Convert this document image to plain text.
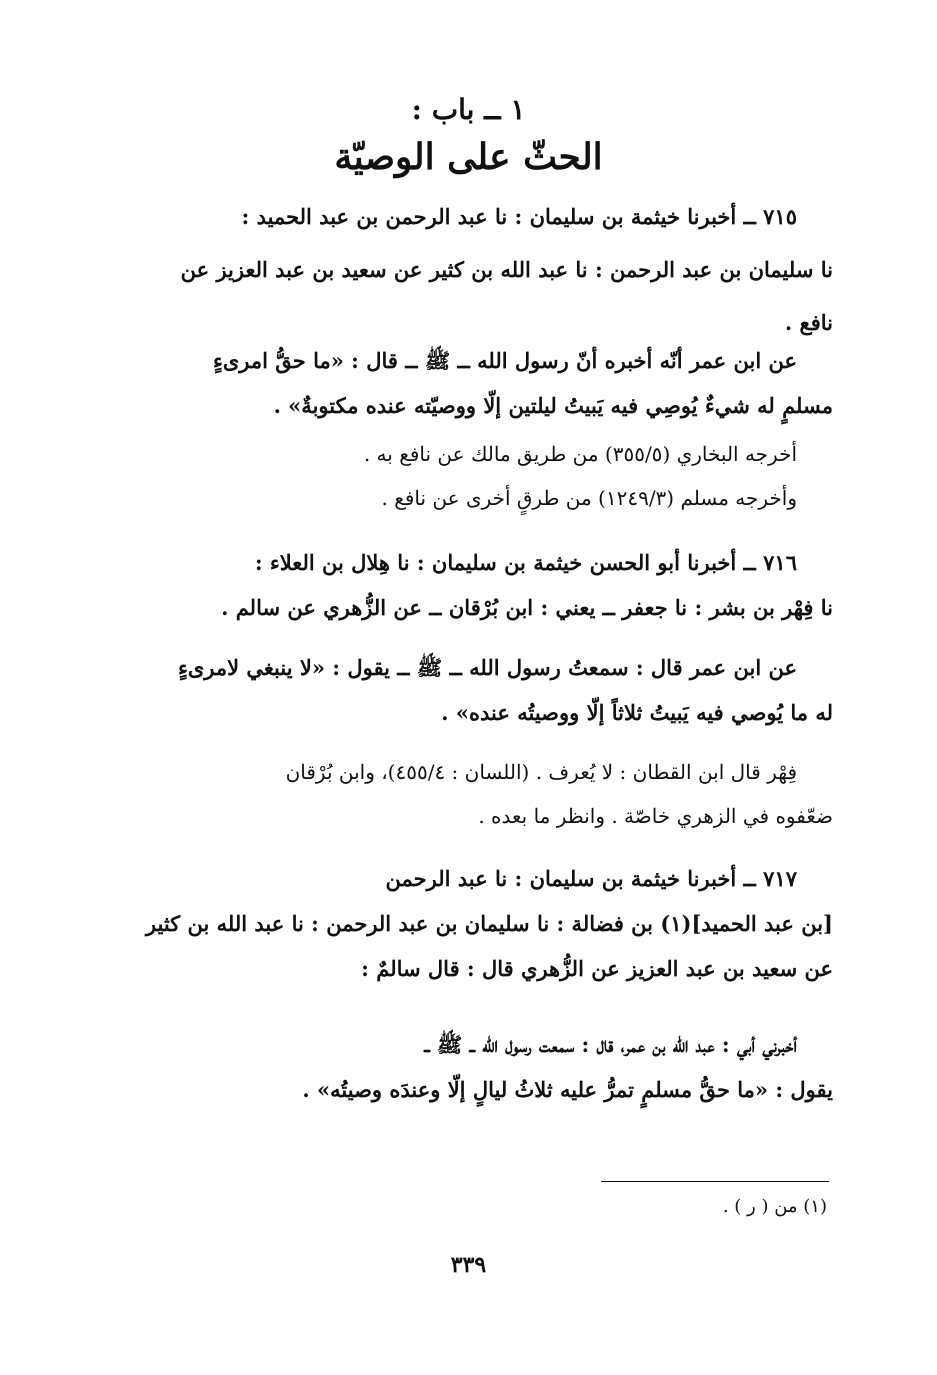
١ ــ باب :
الحثّ على الوصيّة
٧١٥ ــ أخبرنا خيثمة بن سليمان : نا عبد الرحمن بن عبد الحميد :
نا سليمان بن عبد الرحمن : نا عبد الله بن كثير عن سعيد بن عبد العزيز عن
نافع .
عن ابن عمر أنّه أخبره أنّ رسول الله ــ ﷺ ــ قال : «ما حقُّ امرىءٍ
مسلمٍ له شيءٌ يُوصِي فيه يَبيتُ ليلتين إلّا ووصيّته عنده مكتوبةٌ» .
أخرجه البخاري (٣٥٥/٥) من طريق مالك عن نافع به .
وأخرجه مسلم (١٢٤٩/٣) من طرقٍ أخرى عن نافع .
٧١٦ ــ أخبرنا أبو الحسن خيثمة بن سليمان : نا هِلال بن العلاء :
نا فِهْر بن بشر : نا جعفر ــ يعني : ابن بُرْقان ــ عن الزُّهري عن سالم .
عن ابن عمر قال : سمعتُ رسول الله ــ ﷺ ــ يقول : «لا ينبغي لامرىءٍ
له ما يُوصي فيه يَبيتُ ثلاثاً إلّا ووصيتُه عنده» .
فِهْر قال ابن القطان : لا يُعرف . (اللسان : ٤٥٥/٤)، وابن بُرْقان
ضعّفوه في الزهري خاصّة . وانظر ما بعده .
٧١٧ ــ أخبرنا خيثمة بن سليمان : نا عبد الرحمن
[بن عبد الحميد](١) بن فضالة : نا سليمان بن عبد الرحمن : نا عبد الله بن كثير
عن سعيد بن عبد العزيز عن الزُّهري قال : قال سالمٌ :
أخبرني أبي : عبد الله بن عمر، قال : سمعت رسول الله ــ ﷺ ــ
يقول : «ما حقُّ مسلمٍ تمرُّ عليه ثلاثُ ليالٍ إلّا وعندَه وصيتُه» .
(١) من ( ر ) .
٣٣٩
